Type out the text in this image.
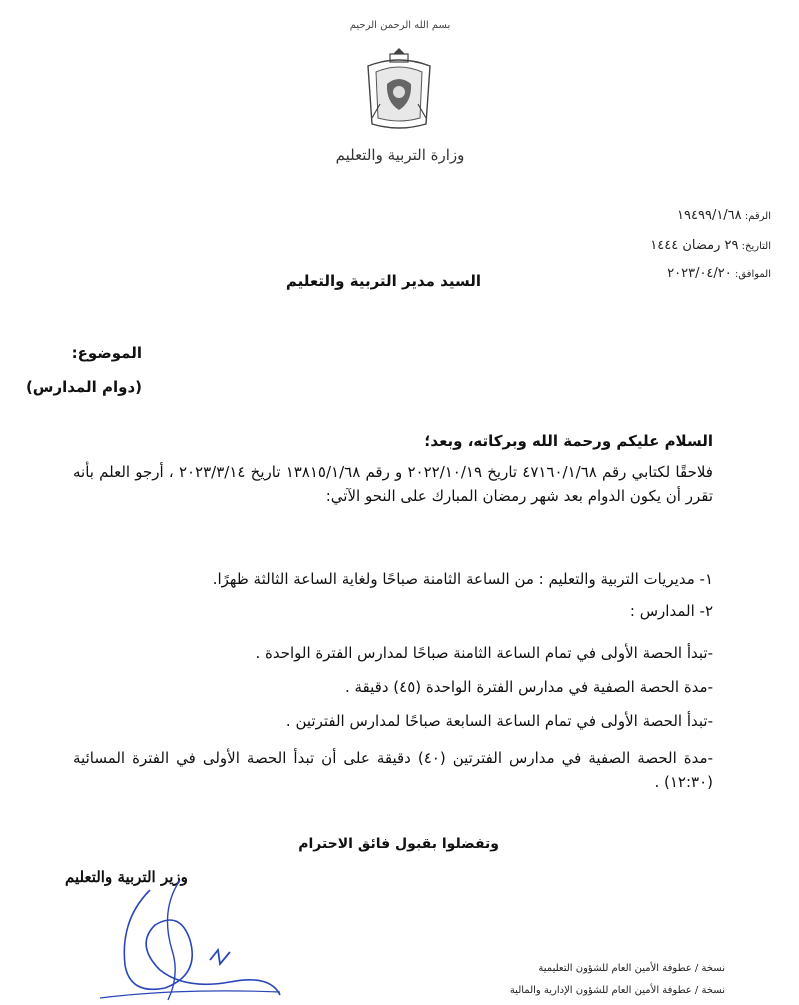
بسم الله الرحمن الرحيم
وزارة التربية والتعليم
الرقم: ١٩٤٩٩/١/٦٨
التاريخ: ٢٩ رمضان ١٤٤٤
الموافق: ٢٠٢٣/٠٤/٢٠
السيد مدير التربية والتعليم
الموضوع:
(دوام المدارس)
السلام عليكم ورحمة الله وبركاته، وبعد؛
فلاحقًا لكتابي رقم ٤٧١٦٠/١/٦٨ تاريخ ٢٠٢٢/١٠/١٩ و رقم ١٣٨١٥/١/٦٨ تاريخ ٢٠٢٣/٣/١٤ ، أرجو العلم بأنه تقرر أن يكون الدوام بعد شهر رمضان المبارك على النحو الآتي:
١- مديريات التربية والتعليم : من الساعة الثامنة صباحًا ولغاية الساعة الثالثة ظهرًا.
٢- المدارس :
-تبدأ الحصة الأولى في تمام الساعة الثامنة صباحًا لمدارس الفترة الواحدة .
-مدة الحصة الصفية في مدارس الفترة الواحدة (٤٥) دقيقة .
-تبدأ الحصة الأولى في تمام الساعة السابعة صباحًا لمدارس الفترتين .
-مدة الحصة الصفية في مدارس الفترتين (٤٠) دقيقة على أن تبدأ الحصة الأولى في الفترة المسائية (١٢:٣٠) .
وتفضلوا بقبول فائق الاحترام
وزير التربية والتعليم
نسخة / عطوفة الأمين العام للشؤون التعليمية
نسخة / عطوفة الأمين العام للشؤون الإدارية والمالية
